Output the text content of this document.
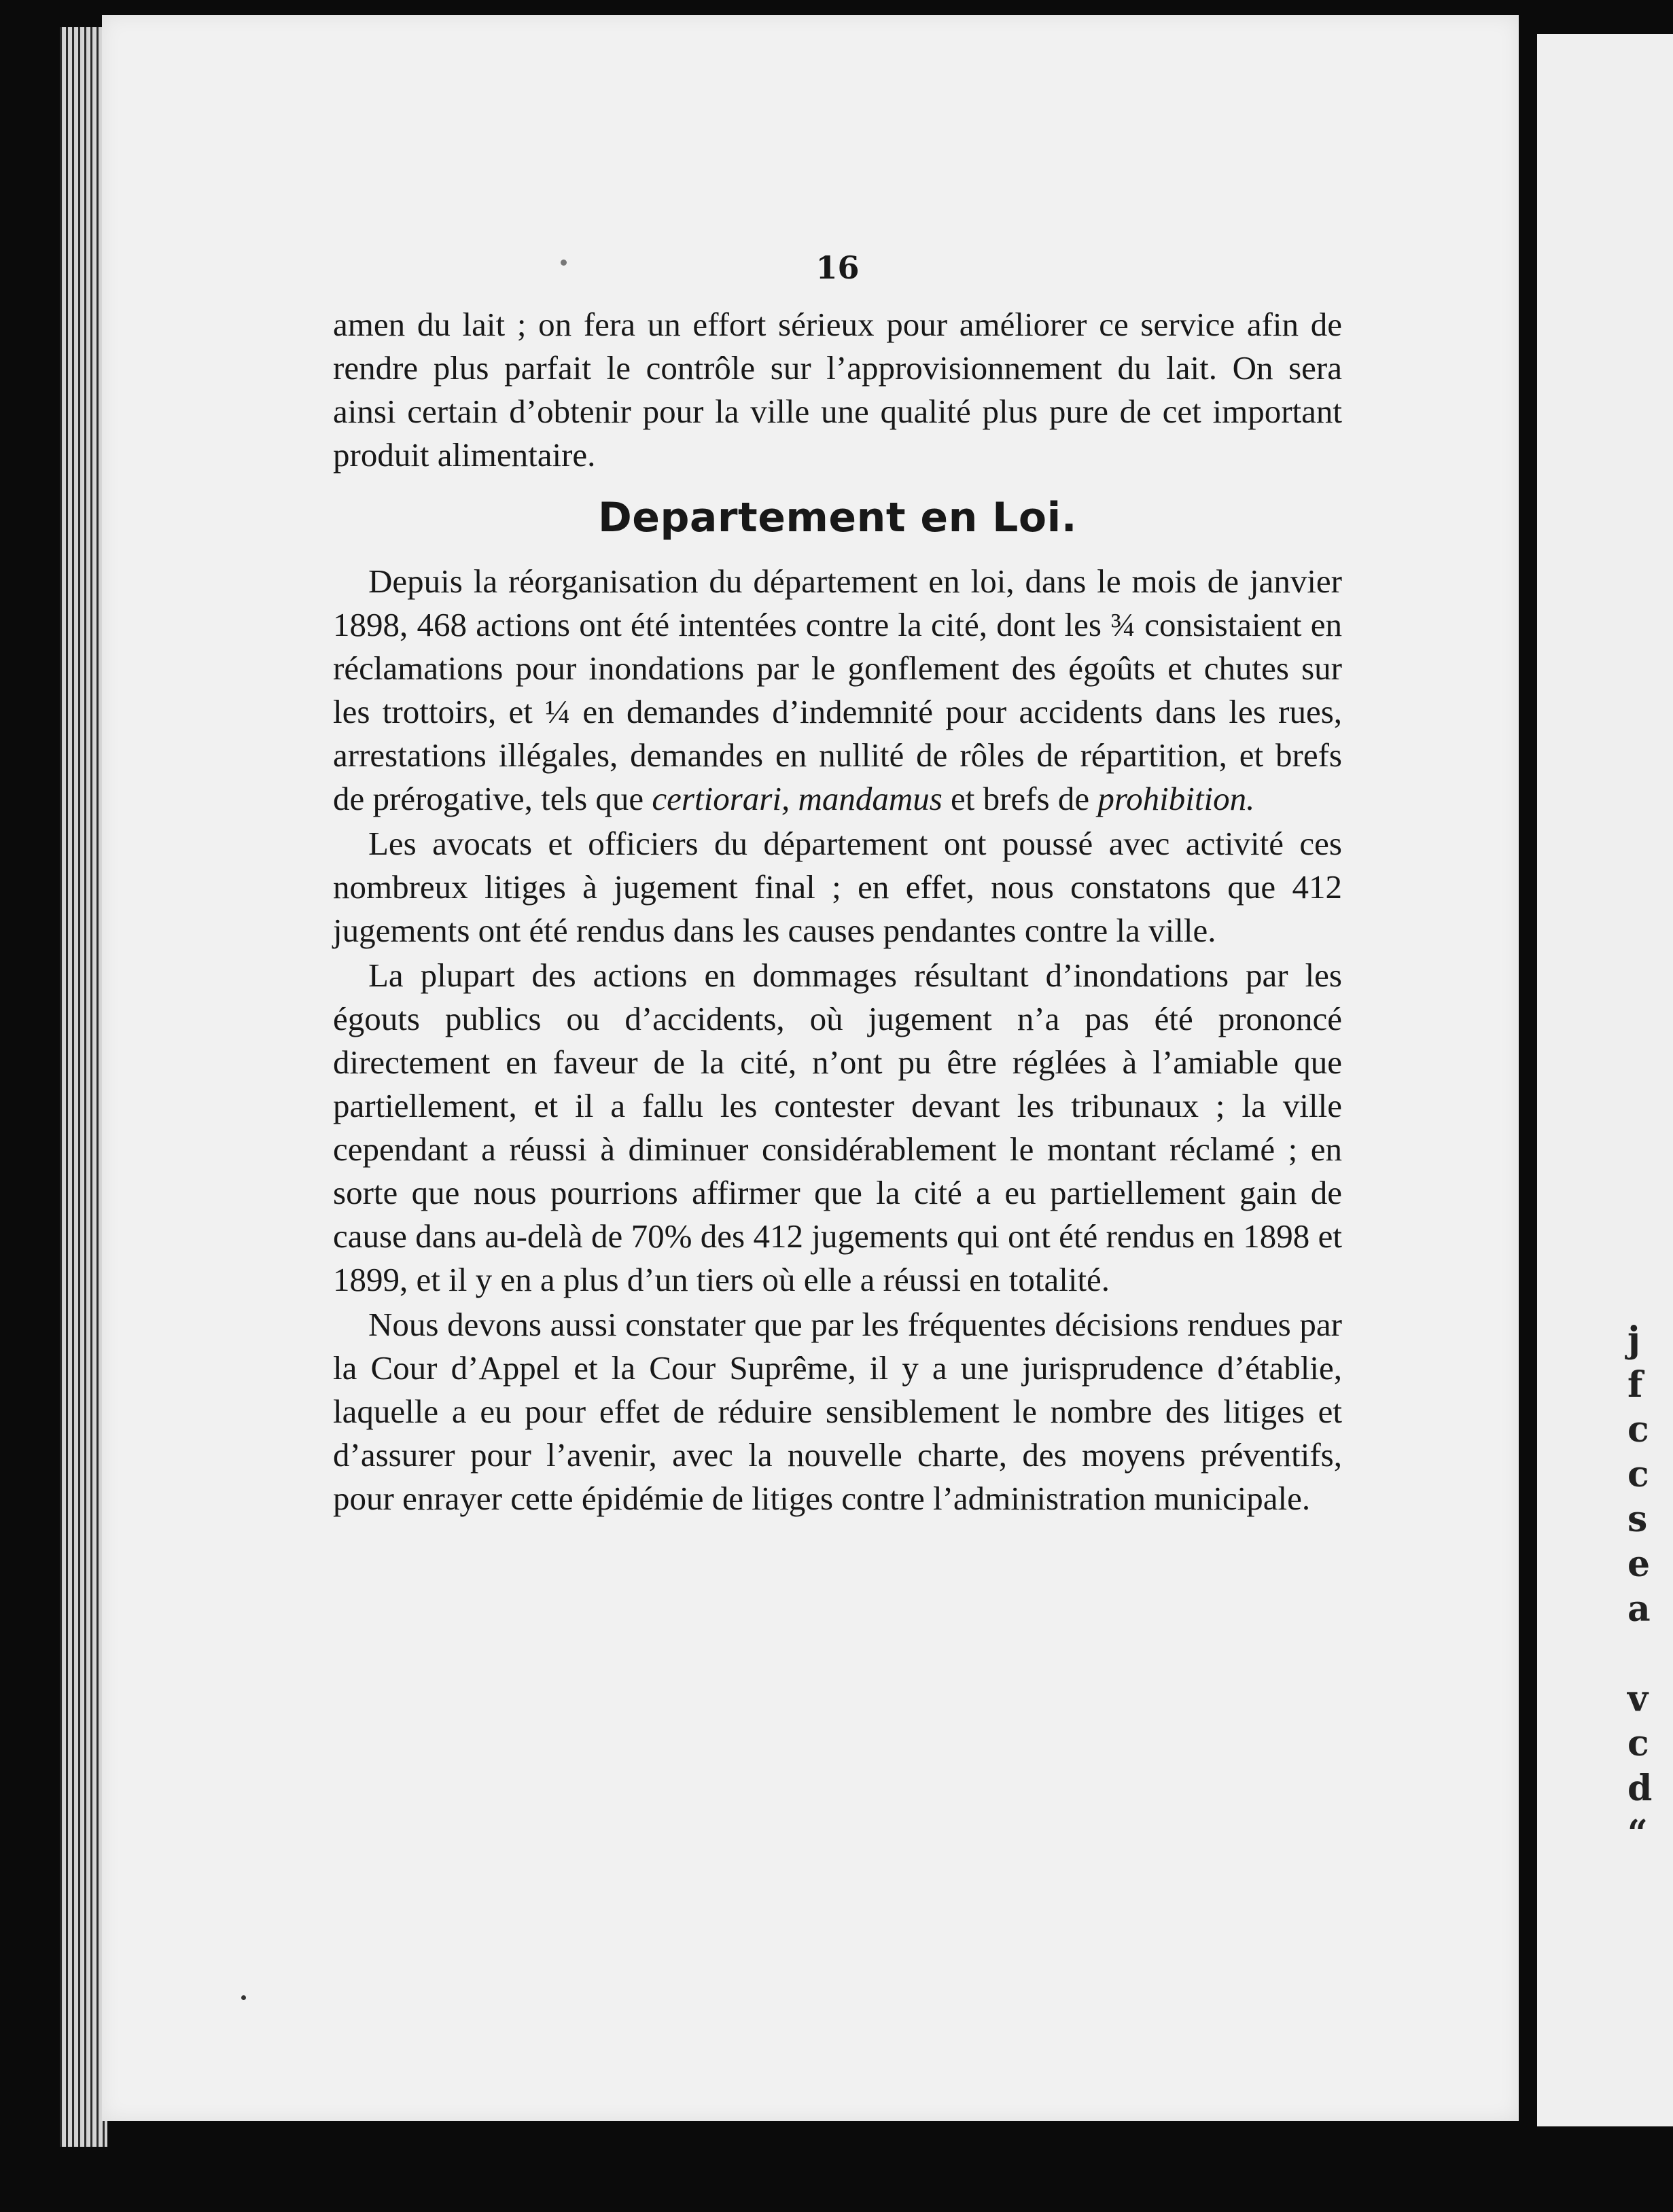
j
f
c
c
s
e
a
v
c
d
“
16

amen du lait ; on fera un effort sérieux pour améliorer ce service afin de rendre plus parfait le contrôle sur l’approvisionnement du lait. On sera ainsi certain d’obtenir pour la ville une qualité plus pure de cet important produit alimentaire.

Departement en Loi.

Depuis la réorganisation du département en loi, dans le mois de janvier 1898, 468 actions ont été intentées contre la cité, dont les ¾ consistaient en réclamations pour inondations par le gonflement des égoûts et chutes sur les trottoirs, et ¼ en demandes d’indemnité pour accidents dans les rues, arrestations illégales, demandes en nullité de rôles de répartition, et brefs de prérogative, tels que certiorari, mandamus et brefs de prohibition.

Les avocats et officiers du département ont poussé avec activité ces nombreux litiges à jugement final ; en effet, nous constatons que 412 jugements ont été rendus dans les causes pendantes contre la ville.

La plupart des actions en dommages résultant d’inondations par les égouts publics ou d’accidents, où jugement n’a pas été prononcé directement en faveur de la cité, n’ont pu être réglées à l’amiable que partiellement, et il a fallu les contester devant les tribunaux ; la ville cependant a réussi à diminuer considérablement le montant réclamé ; en sorte que nous pourrions affirmer que la cité a eu partiellement gain de cause dans au-delà de 70% des 412 jugements qui ont été rendus en 1898 et 1899, et il y en a plus d’un tiers où elle a réussi en totalité.

Nous devons aussi constater que par les fréquentes décisions rendues par la Cour d’Appel et la Cour Suprême, il y a une jurisprudence d’établie, laquelle a eu pour effet de réduire sensiblement le nombre des litiges et d’assurer pour l’avenir, avec la nouvelle charte, des moyens préventifs, pour enrayer cette épidémie de litiges contre l’administration municipale.
